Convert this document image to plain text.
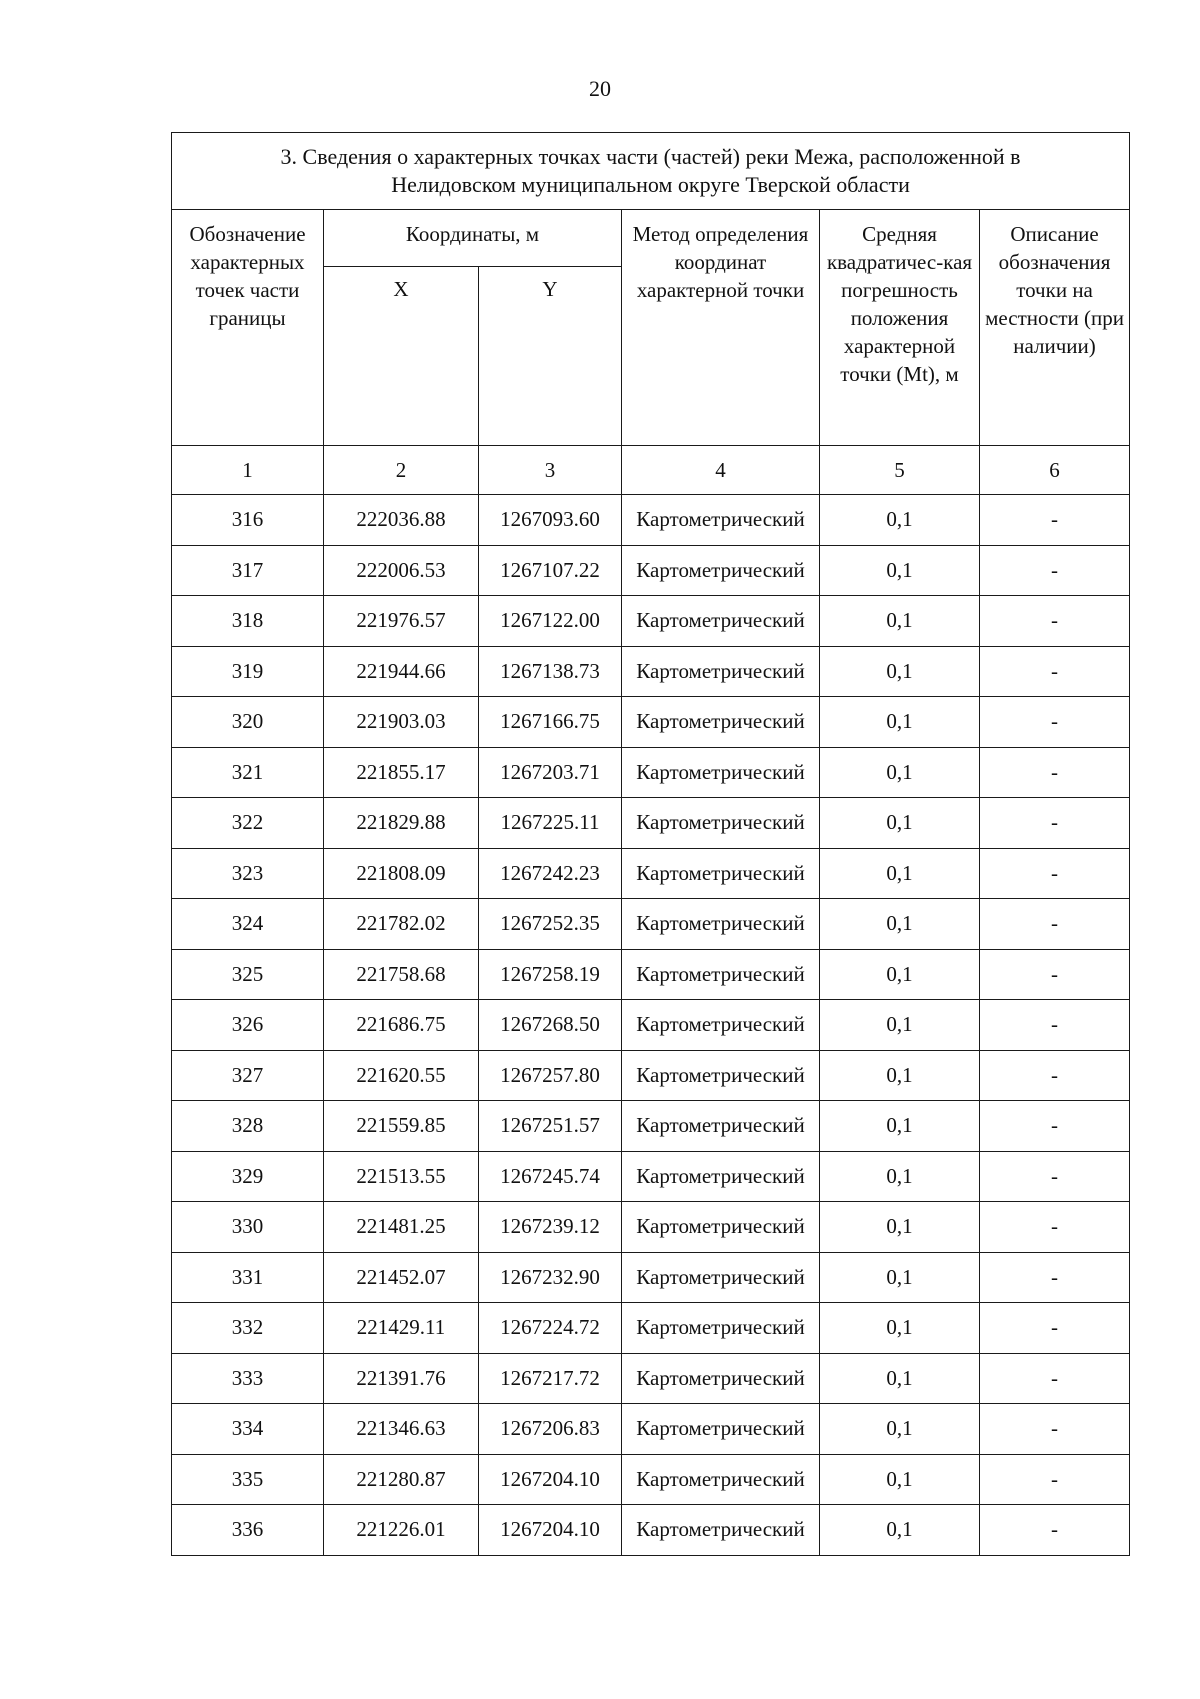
20
3. Сведения о характерных точках части (частей) реки Межа, расположенной в
Нелидовском муниципальном округе Тверской области					
Обозначение характерных точек части границы	Координаты, м		Метод определения координат характерной точки	Средняя квадратичес-кая погрешность положения характерной точки (Mt), м	Описание обозначения точки на местности (при наличии)
	X	Y			
1	2	3	4	5	6
316	222036.88	1267093.60	Картометрический	0,1	-
317	222006.53	1267107.22	Картометрический	0,1	-
318	221976.57	1267122.00	Картометрический	0,1	-
319	221944.66	1267138.73	Картометрический	0,1	-
320	221903.03	1267166.75	Картометрический	0,1	-
321	221855.17	1267203.71	Картометрический	0,1	-
322	221829.88	1267225.11	Картометрический	0,1	-
323	221808.09	1267242.23	Картометрический	0,1	-
324	221782.02	1267252.35	Картометрический	0,1	-
325	221758.68	1267258.19	Картометрический	0,1	-
326	221686.75	1267268.50	Картометрический	0,1	-
327	221620.55	1267257.80	Картометрический	0,1	-
328	221559.85	1267251.57	Картометрический	0,1	-
329	221513.55	1267245.74	Картометрический	0,1	-
330	221481.25	1267239.12	Картометрический	0,1	-
331	221452.07	1267232.90	Картометрический	0,1	-
332	221429.11	1267224.72	Картометрический	0,1	-
333	221391.76	1267217.72	Картометрический	0,1	-
334	221346.63	1267206.83	Картометрический	0,1	-
335	221280.87	1267204.10	Картометрический	0,1	-
336	221226.01	1267204.10	Картометрический	0,1	-
